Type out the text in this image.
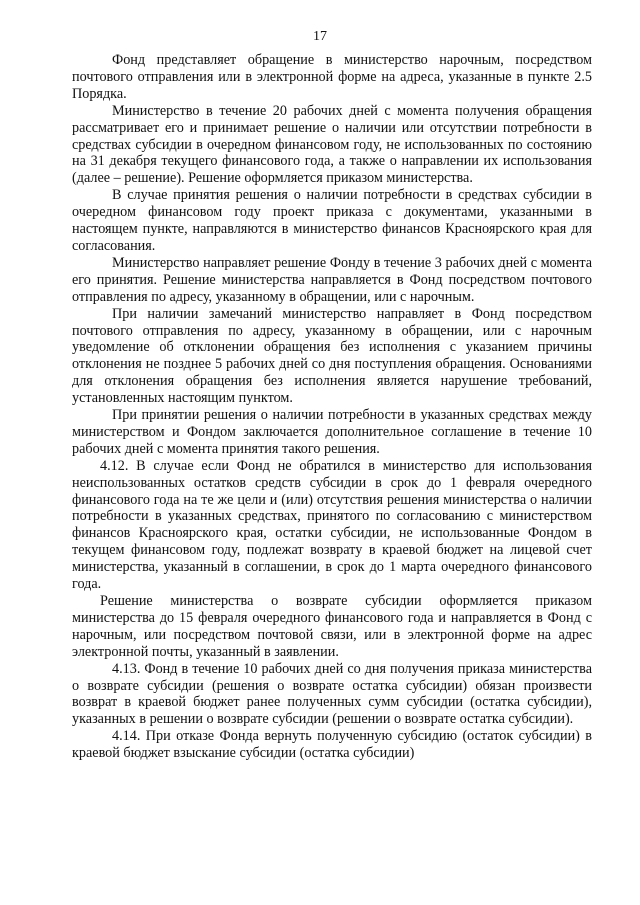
17

Фонд представляет обращение в министерство нарочным, посредством почтового отправления или в электронной форме на адреса, указанные в пункте 2.5 Порядка.

Министерство в течение 20 рабочих дней с момента получения обращения рассматривает его и принимает решение о наличии или отсутствии потребности в средствах субсидии в очередном финансовом году, не использованных по состоянию на 31 декабря текущего финансового года, а также о направлении их использования (далее – решение). Решение оформляется приказом министерства.

В случае принятия решения о наличии потребности в средствах субсидии в очередном финансовом году проект приказа с документами, указанными в настоящем пункте, направляются в министерство финансов Красноярского края для согласования.

Министерство направляет решение Фонду в течение 3 рабочих дней с момента его принятия. Решение министерства направляется в Фонд посредством почтового отправления по адресу, указанному в обращении, или с нарочным.

При наличии замечаний министерство направляет в Фонд посредством почтового отправления по адресу, указанному в обращении, или с нарочным уведомление об отклонении обращения без исполнения с указанием причины отклонения не позднее 5 рабочих дней со дня поступления обращения. Основаниями для отклонения обращения без исполнения является нарушение требований, установленных настоящим пунктом.

При принятии решения о наличии потребности в указанных средствах между министерством и Фондом заключается дополнительное соглашение в течение 10 рабочих дней с момента принятия такого решения.

4.12. В случае если Фонд не обратился в министерство для использования неиспользованных остатков средств субсидии в срок до 1 февраля очередного финансового года на те же цели и (или) отсутствия решения министерства о наличии потребности в указанных средствах, принятого по согласованию с министерством финансов Красноярского края, остатки субсидии, не использованные Фондом в текущем финансовом году, подлежат возврату в краевой бюджет на лицевой счет министерства, указанный в соглашении, в срок до 1 марта очередного финансового года.

Решение министерства о возврате субсидии оформляется приказом министерства до 15 февраля очередного финансового года и направляется в Фонд с нарочным, или посредством почтовой связи, или в электронной форме на адрес электронной почты, указанный в заявлении.

4.13. Фонд в течение 10 рабочих дней со дня получения приказа министерства о возврате субсидии (решения о возврате остатка субсидии) обязан произвести возврат в краевой бюджет ранее полученных сумм субсидии (остатка субсидии), указанных в решении о возврате субсидии (решении о возврате остатка субсидии).

4.14. При отказе Фонда вернуть полученную субсидию (остаток субсидии) в краевой бюджет взыскание субсидии (остатка субсидии)
